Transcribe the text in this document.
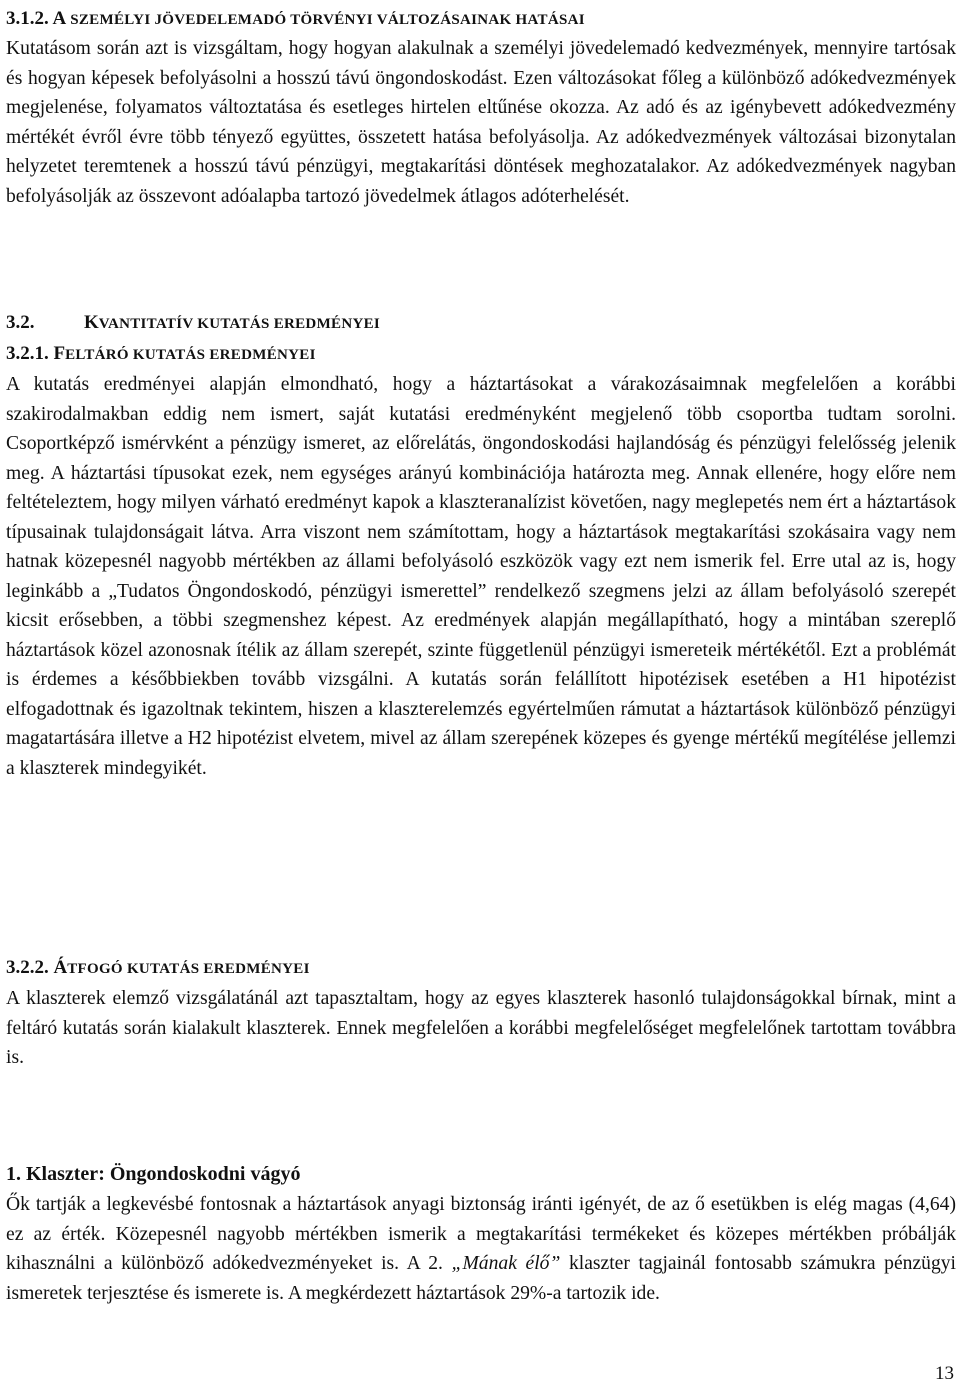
3.1.2. A SZEMÉLYI JÖVEDELEMADÓ TÖRVÉNYI VÁLTOZÁSAINAK HATÁSAI

Kutatásom során azt is vizsgáltam, hogy hogyan alakulnak a személyi jövedelemadó kedvezmények, mennyire tartósak és hogyan képesek befolyásolni a hosszú távú öngondoskodást. Ezen változásokat főleg a különböző adókedvezmények megjelenése, folyamatos változtatása és esetleges hirtelen eltűnése okozza. Az adó és az igénybevett adókedvezmény mértékét évről évre több tényező együttes, összetett hatása befolyásolja. Az adókedvezmények változásai bizonytalan helyzetet teremtenek a hosszú távú pénzügyi, megtakarítási döntések meghozatalakor. Az adókedvezmények nagyban befolyásolják az összevont adóalapba tartozó jövedelmek átlagos adóterhelését.

3.2.	KVANTITATÍV KUTATÁS EREDMÉNYEI
3.2.1. FELTÁRÓ KUTATÁS EREDMÉNYEI

A kutatás eredményei alapján elmondható, hogy a háztartásokat a várakozásaimnak megfelelően a korábbi szakirodalmakban eddig nem ismert, saját kutatási eredményként megjelenő több csoportba tudtam sorolni. Csoportképző ismérvként a pénzügy ismeret, az előrelátás, öngondoskodási hajlandóság és pénzügyi felelősség jelenik meg. A háztartási típusokat ezek, nem egységes arányú kombinációja határozta meg. Annak ellenére, hogy előre nem feltételeztem, hogy milyen várható eredményt kapok a klaszteranalízist követően, nagy meglepetés nem ért a háztartások típusainak tulajdonságait látva. Arra viszont nem számítottam, hogy a háztartások megtakarítási szokásaira vagy nem hatnak közepesnél nagyobb mértékben az állami befolyásoló eszközök vagy ezt nem ismerik fel. Erre utal az is, hogy leginkább a „Tudatos Öngondoskodó, pénzügyi ismerettel” rendelkező szegmens jelzi az állam befolyásoló szerepét kicsit erősebben, a többi szegmenshez képest. Az eredmények alapján megállapítható, hogy a mintában szereplő háztartások közel azonosnak ítélik az állam szerepét, szinte függetlenül pénzügyi ismereteik mértékétől. Ezt a problémát is érdemes a későbbiekben tovább vizsgálni. A kutatás során felállított hipotézisek esetében a H1 hipotézist elfogadottnak és igazoltnak tekintem, hiszen a klaszterelemzés egyértelműen rámutat a háztartások különböző pénzügyi magatartására illetve a H2 hipotézist elvetem, mivel az állam szerepének közepes és gyenge mértékű megítélése jellemzi a klaszterek mindegyikét.

3.2.2. ÁTFOGÓ KUTATÁS EREDMÉNYEI

A klaszterek elemző vizsgálatánál azt tapasztaltam, hogy az egyes klaszterek hasonló tulajdonságokkal bírnak, mint a feltáró kutatás során kialakult klaszterek. Ennek megfelelően a korábbi megfelelőséget megfelelőnek tartottam továbbra is.

1. Klaszter: Öngondoskodni vágyó

Ők tartják a legkevésbé fontosnak a háztartások anyagi biztonság iránti igényét, de az ő esetükben is elég magas (4,64) ez az érték. Közepesnél nagyobb mértékben ismerik a megtakarítási termékeket és közepes mértékben próbálják kihasználni a különböző adókedvezményeket is. A 2. „Mának élő” klaszter tagjainál fontosabb számukra pénzügyi ismeretek terjesztése és ismerete is. A megkérdezett háztartások 29%-a tartozik ide.

13
